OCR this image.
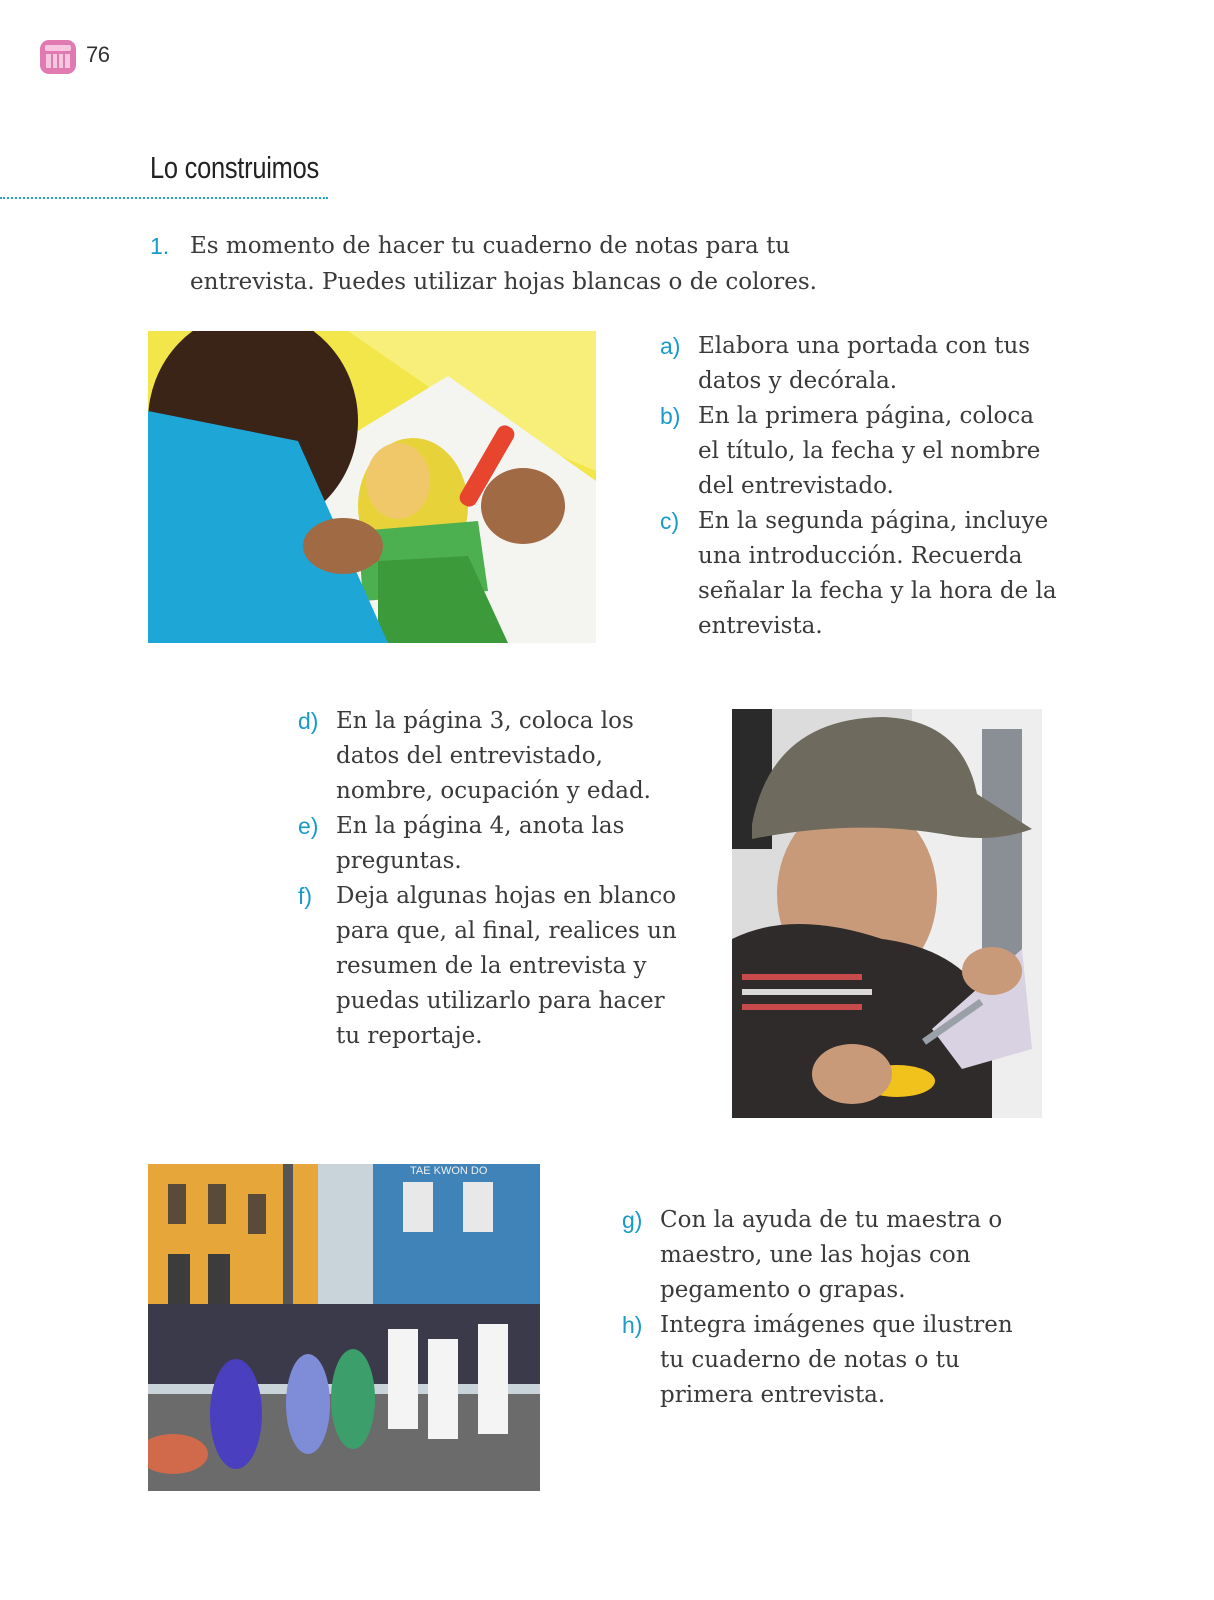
76
Lo construimos
1. Es momento de hacer tu cuaderno de notas para tu entrevista. Puedes utilizar hojas blancas o de colores.
a) Elabora una portada con tus datos y decórala.
b) En la primera página, coloca el título, la fecha y el nombre del entrevistado.
c) En la segunda página, incluye una introducción. Recuerda señalar la fecha y la hora de la entrevista.
d) En la página 3, coloca los datos del entrevistado, nombre, ocupación y edad.
e) En la página 4, anota las preguntas.
f) Deja algunas hojas en blanco para que, al final, realices un resumen de la entrevista y puedas utilizarlo para hacer tu reportaje.
TAE KWON DO
g) Con la ayuda de tu maestra o maestro, une las hojas con pegamento o grapas.
h) Integra imágenes que ilustren tu cuaderno de notas o tu primera entrevista.
